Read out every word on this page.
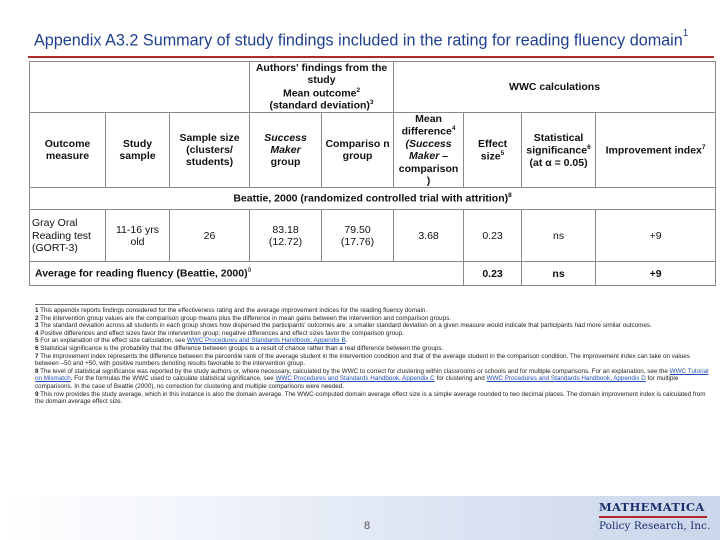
Appendix A3.2 Summary of study findings included in the rating for reading fluency domain$^1$
			Authors' findings from the study
Mean outcome$^2$
(standard deviation)$^3$		WWC calculations			
Outcome measure	Study sample	Sample size (clusters/ students)	Success
Maker
group	Compariso n group	Mean difference$^4$
(Success
Maker –
comparison
)	Effect size$^5$	Statistical significance$^6$
(at α = 0.05)	Improvement index$^7$
Beattie, 2000 (randomized controlled trial with attrition)$^8$
Gray Oral Reading test (GORT-3)	11-16 yrs old	26	83.18
(12.72)	79.50
(17.76)	3.68	0.23	ns	+9
Average for reading fluency (Beattie, 2000)$^9$						0.23	ns	+9

1 This appendix reports findings considered for the effectiveness rating and the average improvement indices for the reading fluency domain.

2 The intervention group values are the comparison group means plus the difference in mean gains between the intervention and comparison groups.

3 The standard deviation across all students in each group shows how dispersed the participants' outcomes are: a smaller standard deviation on a given measure would indicate that participants had more similar outcomes.

4 Positive differences and effect sizes favor the intervention group; negative differences and effect sizes favor the comparison group.

5 For an explanation of the effect size calculation, see WWC Procedures and Standards Handbook, Appendix B.

6 Statistical significance is the probability that the difference between groups is a result of chance rather than a real difference between the groups.

7 The improvement index represents the difference between the percentile rank of the average student in the intervention condition and that of the average student in the comparison condition. The improvement index can take on values between –50 and +50, with positive numbers denoting results favorable to the intervention group.

8 The level of statistical significance was reported by the study authors or, where necessary, calculated by the WWC to correct for clustering within classrooms or schools and for multiple comparisons. For an explanation, see the WWC Tutorial on Mismatch. For the formulas the WWC used to calculate statistical significance, see WWC Procedures and Standards Handbook, Appendix C for clustering and WWC Procedures and Standards Handbook, Appendix D for multiple comparisons. In the case of Beattie (2000), no correction for clustering and multiple comparisons were needed.

9 This row provides the study average, which in this instance is also the domain average. The WWC-computed domain average effect size is a simple average rounded to two decimal places. The domain improvement index is calculated from the domain average effect size.

8
MATHEMATICA
Policy Research, Inc.
